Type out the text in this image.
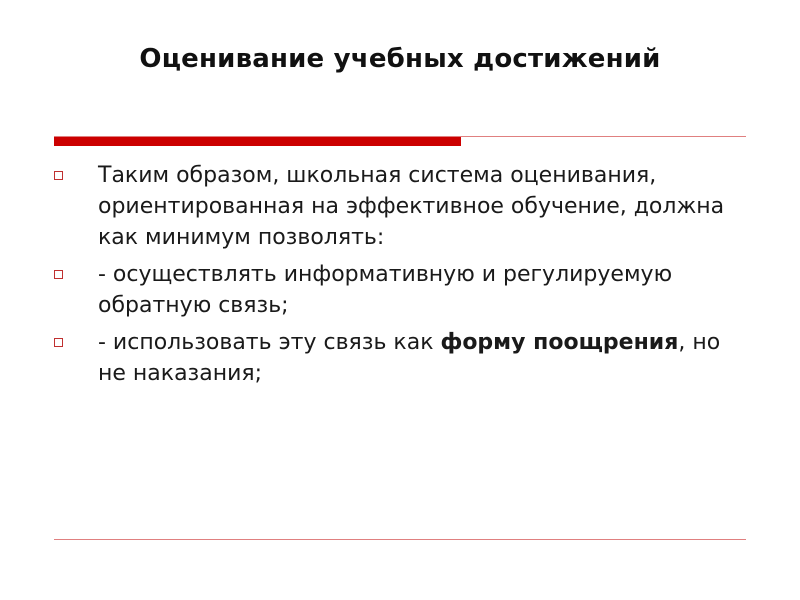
Оценивание учебных достижений
Таким образом, школьная система оценивания, ориентированная на эффективное обучение, должна как минимум позволять:
- осуществлять информативную и регулируемую обратную связь;
- использовать эту связь как форму поощрения, но не наказания;
